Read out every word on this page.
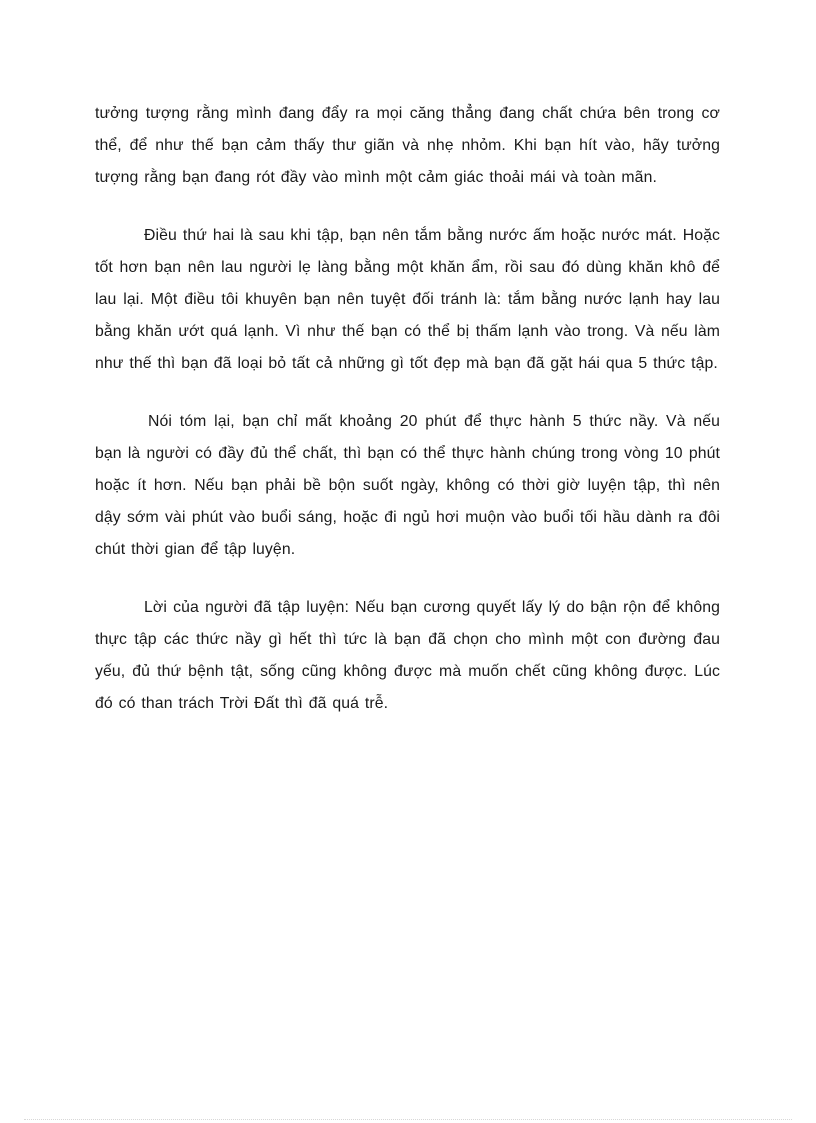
tưởng tượng rằng mình đang đẩy ra mọi căng thẳng đang chất chứa bên trong cơ thể, để như thế bạn cảm thấy thư giãn và nhẹ nhỏm. Khi bạn hít vào, hãy tưởng tượng rằng bạn đang rót đầy vào mình một cảm giác thoải mái và toàn mãn.

Điều thứ hai là sau khi tập, bạn nên tắm bằng nước ấm hoặc nước mát. Hoặc tốt hơn bạn nên lau người lẹ làng bằng một khăn ẩm, rồi sau đó dùng khăn khô để lau lại. Một điều tôi khuyên bạn nên tuyệt đối tránh là: tắm bằng nước lạnh hay lau bằng khăn ướt quá lạnh. Vì như thế bạn có thể bị thấm lạnh vào trong. Và nếu làm như thế thì bạn đã loại bỏ tất cả những gì tốt đẹp mà bạn đã gặt hái qua 5 thức tập.

Nói tóm lại, bạn chỉ mất khoảng 20 phút để thực hành 5 thức nầy. Và nếu bạn là người có đầy đủ thể chất, thì bạn có thể thực hành chúng trong vòng 10 phút hoặc ít hơn. Nếu bạn phải bề bộn suốt ngày, không có thời giờ luyện tập, thì nên dậy sớm vài phút vào buổi sáng, hoặc đi ngủ hơi muộn vào buổi tối hầu dành ra đôi chút thời gian để tập luyện.

Lời của người đã tập luyện: Nếu bạn cương quyết lấy lý do bận rộn để không thực tập các thức nầy gì hết thì tức là bạn đã chọn cho mình một con đường đau yếu, đủ thứ bệnh tật, sống cũng không được mà muốn chết cũng không được. Lúc đó có than trách Trời Đất thì đã quá trễ.
